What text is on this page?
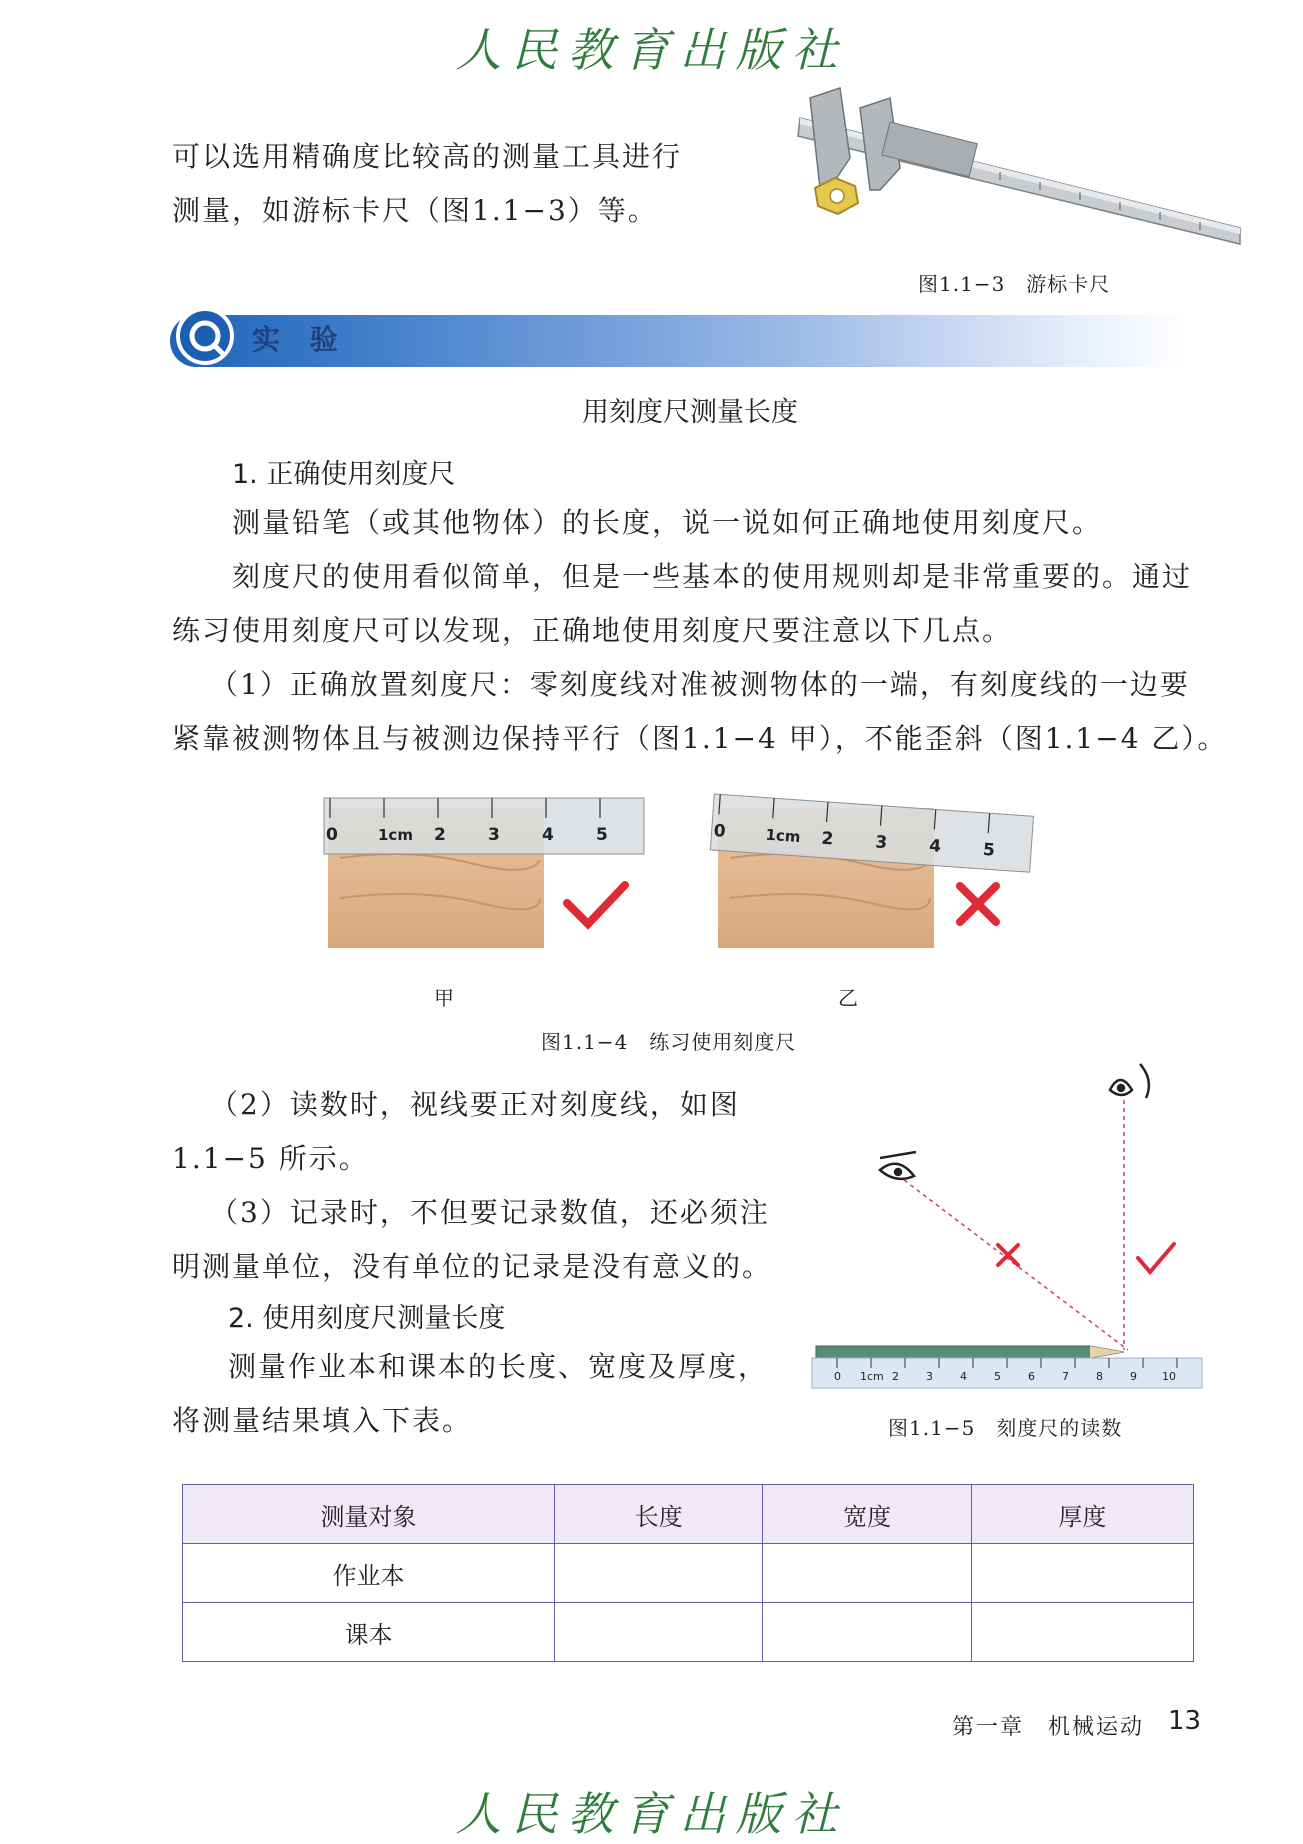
人民教育出版社
可以选用精确度比较高的测量工具进行
测量，如游标卡尺（图1.1−3）等。
图1.1−3　游标卡尺
实 验
用刻度尺测量长度
1. 正确使用刻度尺
测量铅笔（或其他物体）的长度，说一说如何正确地使用刻度尺。
刻度尺的使用看似简单，但是一些基本的使用规则却是非常重要的。通过
练习使用刻度尺可以发现，正确地使用刻度尺要注意以下几点。
（1）正确放置刻度尺：零刻度线对准被测物体的一端，有刻度线的一边要
紧靠被测物体且与被测边保持平行（图1.1−4 甲），不能歪斜（图1.1−4 乙）。
0	1cm 2 3 4 5	0	1cm 2 3 4 5
甲	乙
图1.1−4　练习使用刻度尺
（2）读数时，视线要正对刻度线，如图
1.1−5 所示。
（3）记录时，不但要记录数值，还必须注
明测量单位，没有单位的记录是没有意义的。
2. 使用刻度尺测量长度
测量作业本和课本的长度、宽度及厚度，
将测量结果填入下表。
0 1cm 2 3 4 5 6 7 8 9 10
图1.1−5　刻度尺的读数
测量对象	长度	宽度	厚度
作业本			
课本			
第一章　机械运动 13
人民教育出版社
